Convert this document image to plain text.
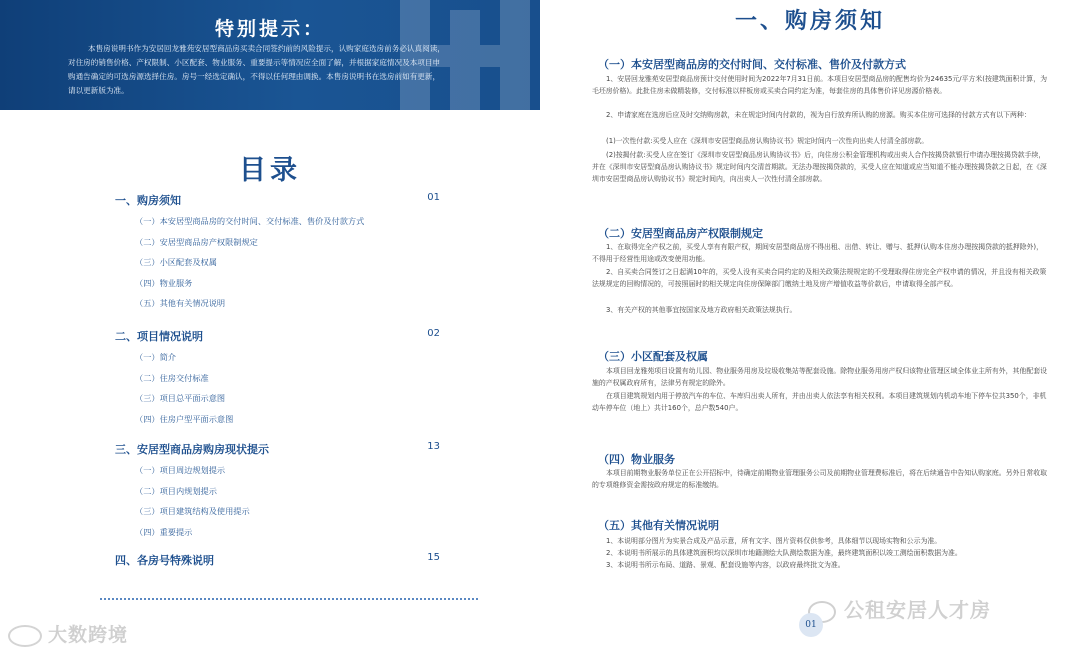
特别提示：
本售房说明书作为安居回龙雅苑安居型商品房买卖合同签约前的风险提示，认购家庭选房前务必认真阅读，
对住房的销售价格、产权限制、小区配套、物业服务、重要提示等情况应全面了解，并根据家庭情况及本项目申
购通告确定的可选房源选择住房。房号一经选定确认，不得以任何理由调换。本售房说明书在选房前如有更新，
请以更新版为准。
目录
一、购房须知	01
（一）本安居型商品房的交付时间、交付标准、售价及付款方式
（二）安居型商品房产权限制规定
（三）小区配套及权属
（四）物业服务
（五）其他有关情况说明
二、项目情况说明	02
（一）简介
（二）住房交付标准
（三）项目总平面示意图
（四）住房户型平面示意图
三、安居型商品房购房现状提示	13
（一）项目周边规划提示
（二）项目内规划提示
（三）项目建筑结构及使用提示
（四）重要提示
四、各房号特殊说明	15
大数跨境
一、购房须知
（一）本安居型商品房的交付时间、交付标准、售价及付款方式
1、安居回龙雅苑安居型商品房预计交付使用时间为2022年7月31日前。本项目安居型商品房的配售均价为24635元/平方米(按建筑面积计算，为毛坯房价格)。此批住房未做精装修，交付标准以样板房或买卖合同约定为准，每套住房的具体售价详见房源价格表。
2、申请家庭在选房后应及时交纳购房款，未在规定时间内付款的，视为自行放弃所认购的房源。购买本住房可选择的付款方式有以下两种：
(1)一次性付款:买受人应在《深圳市安居型商品房认购协议书》规定时间内一次性向出卖人付清全部房款。
(2)按揭付款:买受人应在签订《深圳市安居型商品房认购协议书》后，向住房公积金管理机构或出卖人合作按揭贷款银行申请办理按揭贷款手续，并在《深圳市安居型商品房认购协议书》规定时间内交清首期款。无法办理按揭贷款的，买受人应在知道或应当知道不能办理按揭贷款之日起，在《深圳市安居型商品房认购协议书》规定时间内，向出卖人一次性付清全部房款。
（二）安居型商品房产权限制规定
1、在取得完全产权之前，买受人享有有限产权，期间安居型商品房不得出租、出借、转让、赠与、抵押(认购本住房办理按揭贷款的抵押除外)，不得用于经营性用途或改变使用功能。
2、自买卖合同签订之日起满10年的，买受人没有买卖合同约定的及相关政策法规规定的不受理取得住房完全产权申请的情况，并且没有相关政策法规规定的回购情况的，可按照届时的相关规定向住房保障部门缴纳土地及房产增值收益等价款后，申请取得全部产权。
3、有关产权的其他事宜按国家及地方政府相关政策法规执行。
（三）小区配套及权属
本项目回龙雅苑项目设置有幼儿园、物业服务用房及垃圾收集站等配套设施。除物业服务用房产权归该物业管理区域全体业主所有外，其他配套设施的产权属政府所有，法律另有规定的除外。
在项目建筑规划内用于停放汽车的车位、车库归出卖人所有，并由出卖人依法享有相关权利。本项目建筑规划内机动车地下停车位共350个，非机动车停车位（地上）共计160个，总户数540户。
（四）物业服务
本项目前期物业服务单位正在公开招标中，待确定前期物业管理服务公司及前期物业管理费标准后，将在后续通告中告知认购家庭。另外日常收取的专项维修资金需按政府规定的标准缴纳。
（五）其他有关情况说明
1、本说明部分图片为实景合成及产品示意，所有文字、图片资料仅供参考，具体细节以现场实物和公示为准。
2、本说明书所展示的具体建筑面积均以深圳市地籍测绘大队测绘数据为准，最终建筑面积以竣工测绘面积数据为准。
3、本说明书所示布局、道路、景观、配套设施等内容，以政府最终批文为准。
公租安居人才房
01
